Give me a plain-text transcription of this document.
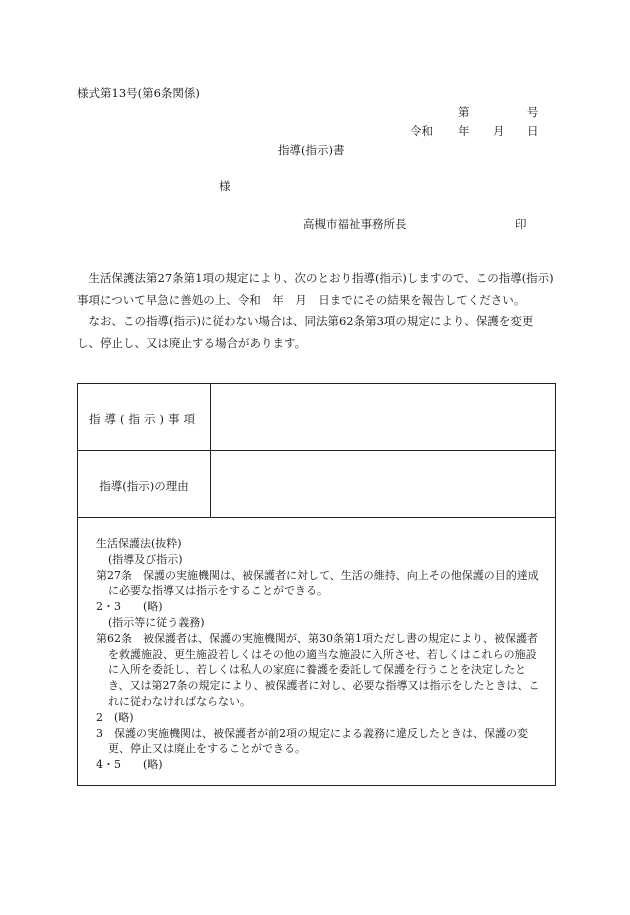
様式第13号(第6条関係)
第	号
令和 年 月 日
指導(指示)書
様
高槻市福祉事務所長	印

生活保護法第27条第1項の規定により、次のとおり指導(指示)しますので、この指導(指示)事項について早急に善処の上、令和　年　月　日までにその結果を報告してください。

なお、この指導(指示)に従わない場合は、同法第62条第3項の規定により、保護を変更し、停止し、又は廃止する場合があります。

指導(指示)事項
指導(指示)の理由
生活保護法(抜粋)
(指導及び指示)
第27条　保護の実施機関は、被保護者に対して、生活の維持、向上その他保護の目的達成に必要な指導又は指示をすることができる。
2・3　　(略)
(指示等に従う義務)
第62条　被保護者は、保護の実施機関が、第30条第1項ただし書の規定により、被保護者を救護施設、更生施設若しくはその他の適当な施設に入所させ、若しくはこれらの施設に入所を委託し、若しくは私人の家庭に養護を委託して保護を行うことを決定したとき、又は第27条の規定により、被保護者に対し、必要な指導又は指示をしたときは、これに従わなければならない。
2　(略)
3　保護の実施機関は、被保護者が前2項の規定による義務に違反したときは、保護の変更、停止又は廃止をすることができる。
4・5　　(略)
